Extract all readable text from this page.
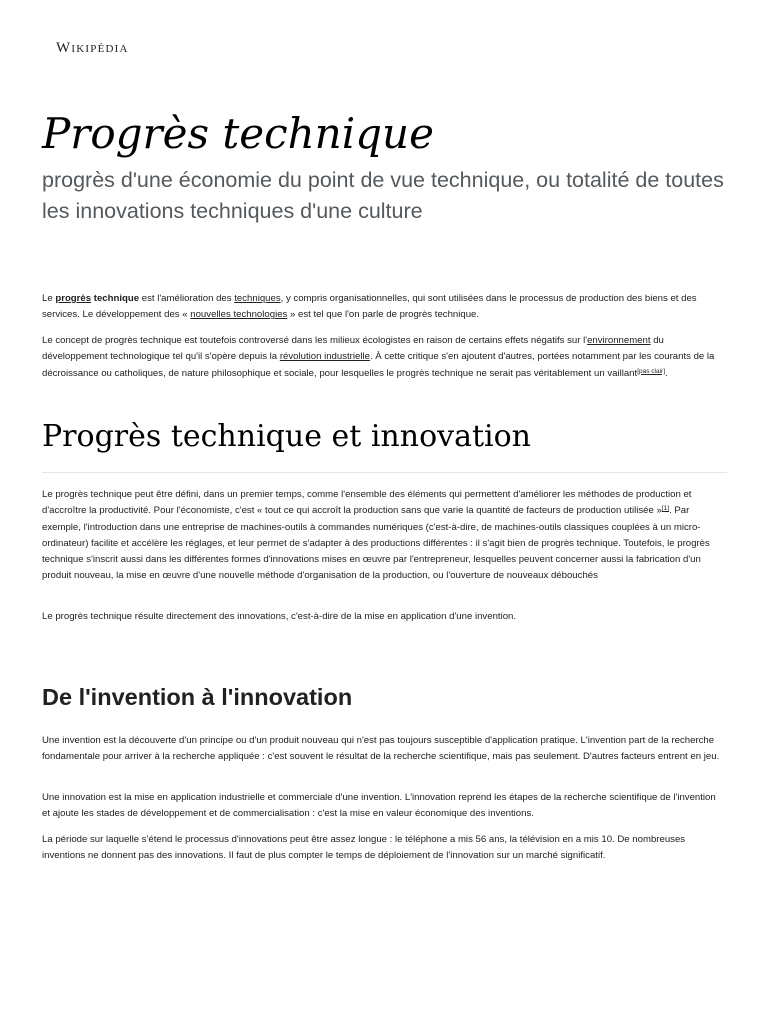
WIKIPÉDIA
Progrès technique

progrès d'une économie du point de vue technique, ou totalité de toutes les innovations techniques d'une culture

Le progrès technique est l'amélioration des techniques, y compris organisationnelles, qui sont utilisées dans le processus de production des biens et des services. Le développement des « nouvelles technologies » est tel que l'on parle de progrès technique.

Le concept de progrès technique est toutefois controversé dans les milieux écologistes en raison de certains effets négatifs sur l'environnement du développement technologique tel qu'il s'opère depuis la révolution industrielle. À cette critique s'en ajoutent d'autres, portées notamment par les courants de la décroissance ou catholiques, de nature philosophique et sociale, pour lesquelles le progrès technique ne serait pas véritablement un vaillant[pas clair].

Progrès technique et innovation

Le progrès technique peut être défini, dans un premier temps, comme l'ensemble des éléments qui permettent d'améliorer les méthodes de production et d'accroître la productivité. Pour l'économiste, c'est « tout ce qui accroît la production sans que varie la quantité de facteurs de production utilisée »[1]. Par exemple, l'introduction dans une entreprise de machines-outils à commandes numériques (c'est-à-dire, de machines-outils classiques couplées à un micro-ordinateur) facilite et accélère les réglages, et leur permet de s'adapter à des productions différentes : il s'agit bien de progrès technique. Toutefois, le progrès technique s'inscrit aussi dans les différentes formes d'innovations mises en œuvre par l'entrepreneur, lesquelles peuvent concerner aussi la fabrication d'un produit nouveau, la mise en œuvre d'une nouvelle méthode d'organisation de la production, ou l'ouverture de nouveaux débouchés

Le progrès technique résulte directement des innovations, c'est-à-dire de la mise en application d'une invention.

De l'invention à l'innovation

Une invention est la découverte d'un principe ou d'un produit nouveau qui n'est pas toujours susceptible d'application pratique. L'invention part de la recherche fondamentale pour arriver à la recherche appliquée : c'est souvent le résultat de la recherche scientifique, mais pas seulement. D'autres facteurs entrent en jeu.

Une innovation est la mise en application industrielle et commerciale d'une invention. L'innovation reprend les étapes de la recherche scientifique de l'invention et ajoute les stades de développement et de commercialisation : c'est la mise en valeur économique des inventions.

La période sur laquelle s'étend le processus d'innovations peut être assez longue : le téléphone a mis 56 ans, la télévision en a mis 10. De nombreuses inventions ne donnent pas des innovations. Il faut de plus compter le temps de déploiement de l'innovation sur un marché significatif.
